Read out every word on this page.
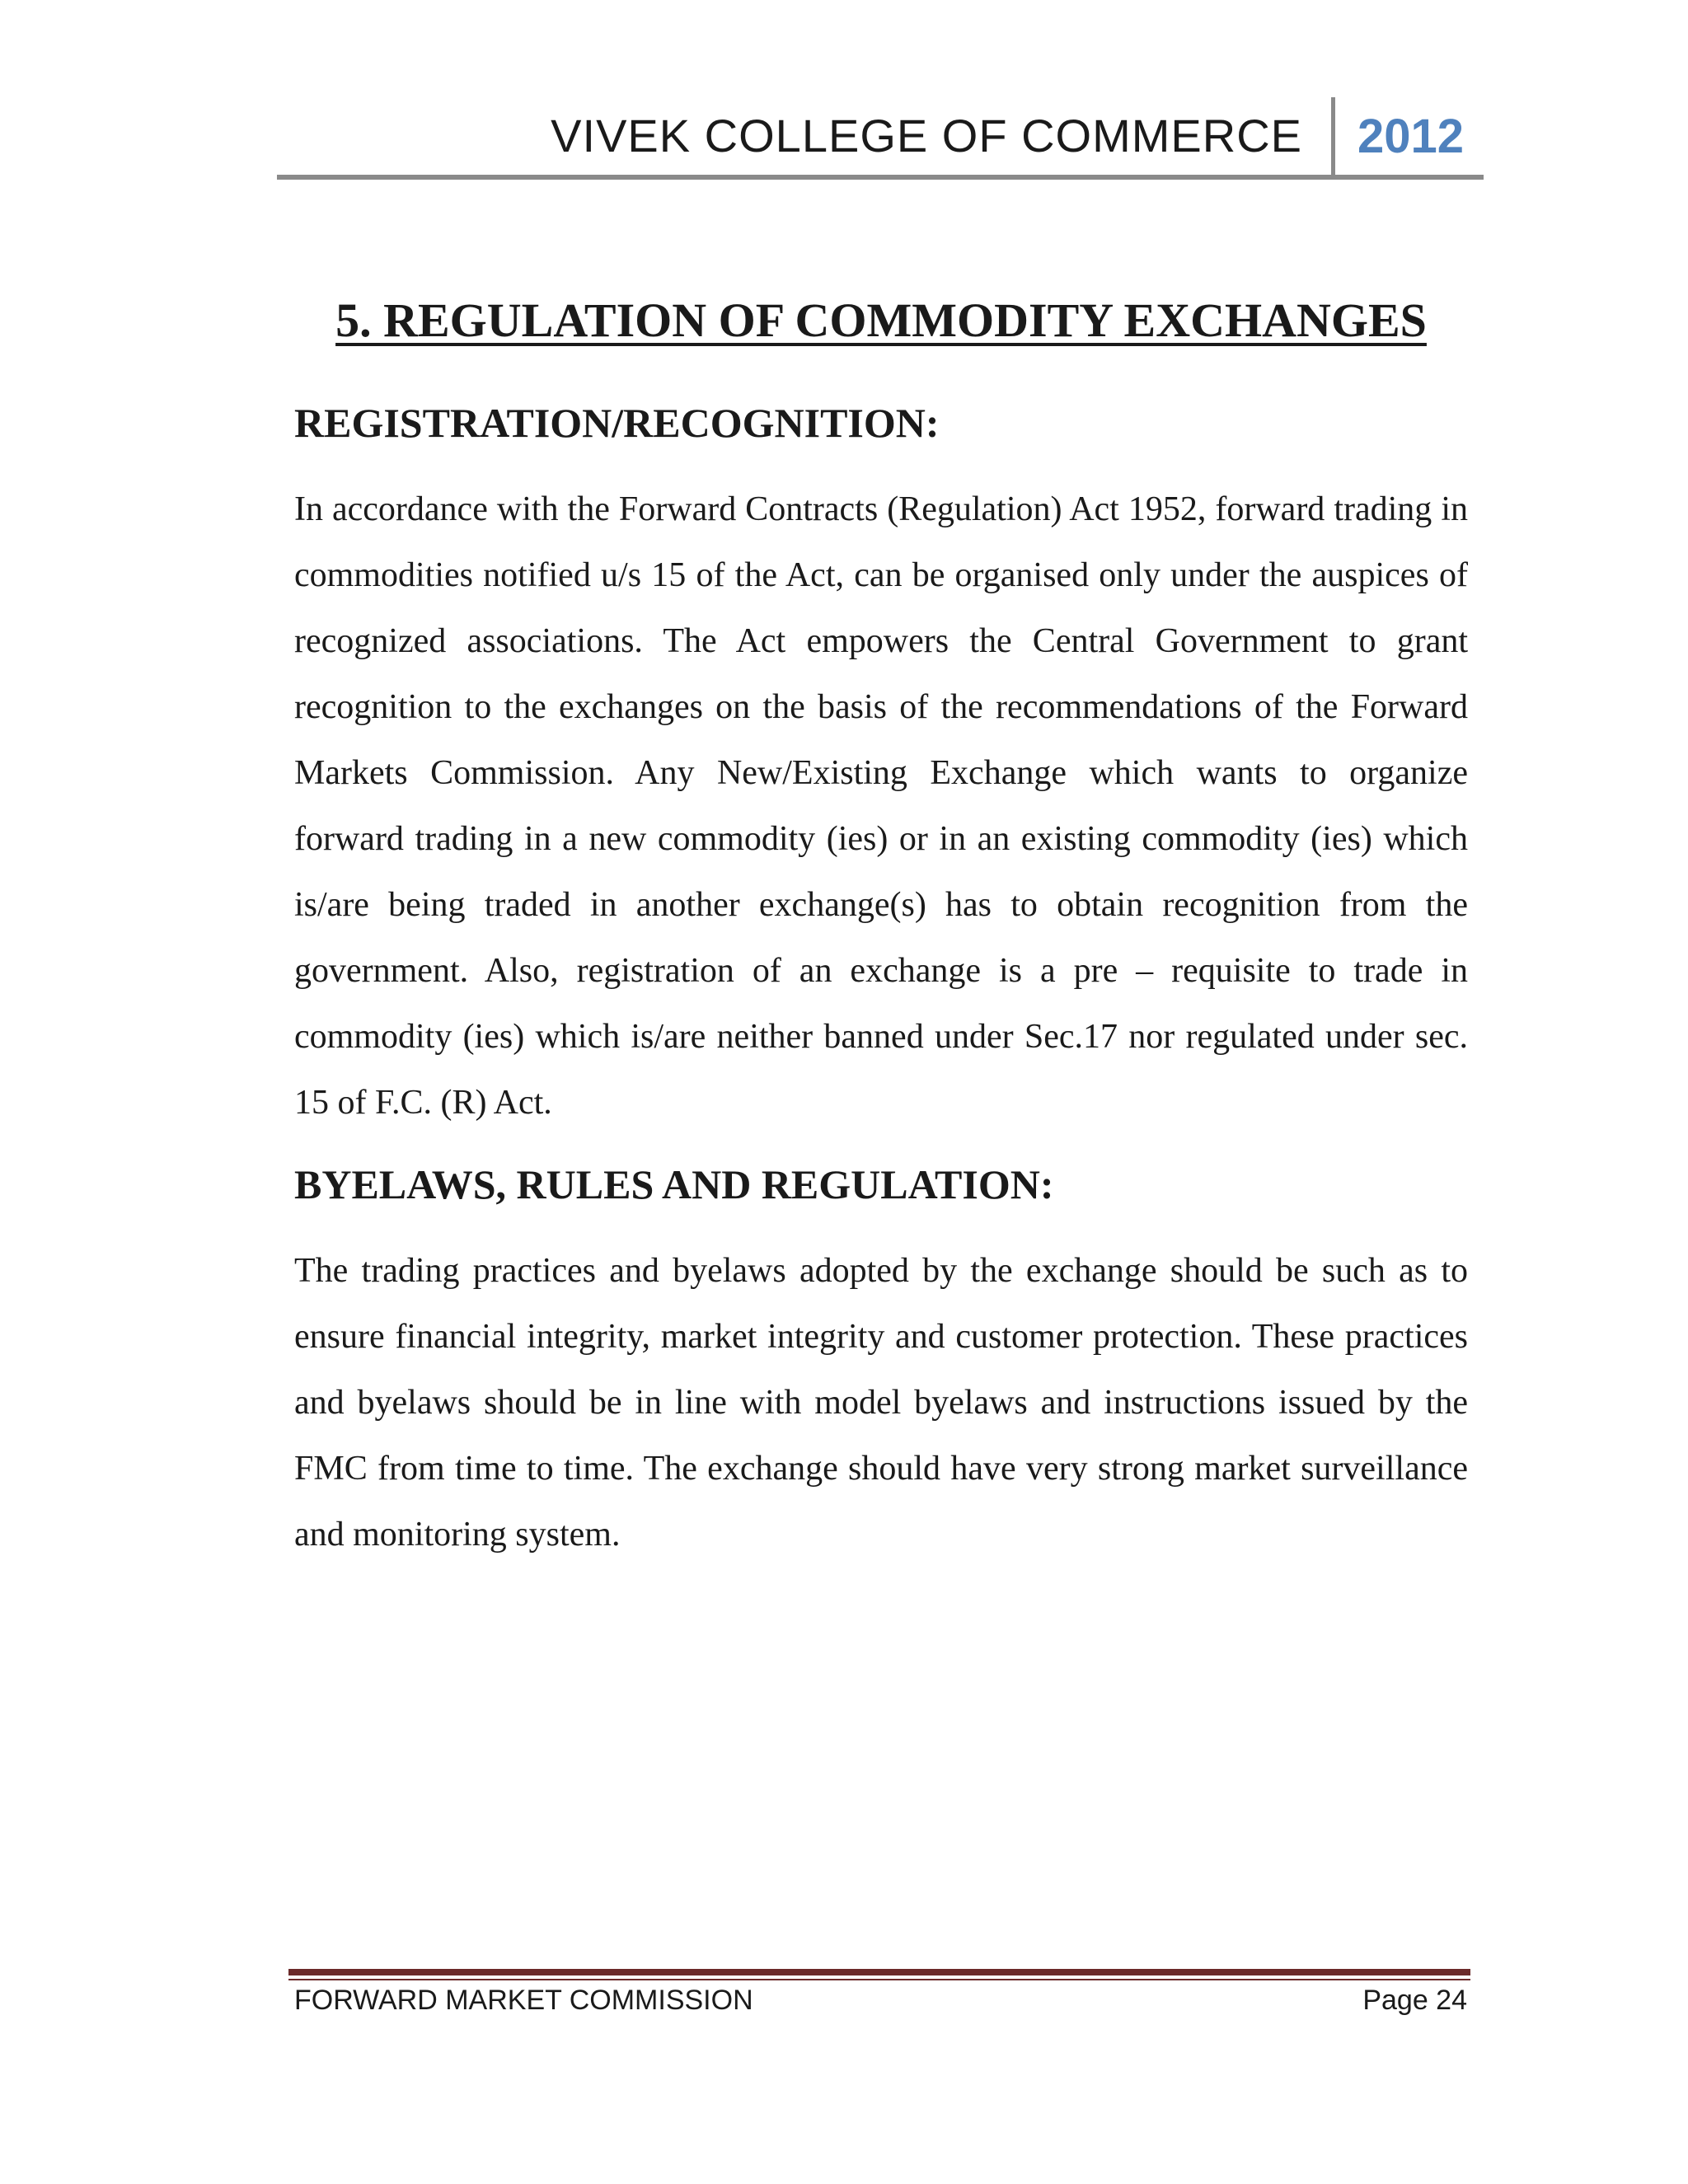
VIVEK COLLEGE OF COMMERCE 2012
5. REGULATION OF COMMODITY EXCHANGES
REGISTRATION/RECOGNITION:

In accordance with the Forward Contracts (Regulation) Act 1952, forward trading in commodities notified u/s 15 of the Act, can be organised only under the auspices of recognized associations. The Act empowers the Central Government to grant recognition to the exchanges on the basis of the recommendations of the Forward Markets Commission. Any New/Existing Exchange which wants to organize forward trading in a new commodity (ies) or in an existing commodity (ies) which is/are being traded in another exchange(s) has to obtain recognition from the government. Also, registration of an exchange is a pre – requisite to trade in commodity (ies) which is/are neither banned under Sec.17 nor regulated under sec. 15 of F.C. (R) Act.

BYELAWS, RULES AND REGULATION:

The trading practices and byelaws adopted by the exchange should be such as to ensure financial integrity, market integrity and customer protection. These practices and byelaws should be in line with model byelaws and instructions issued by the FMC from time to time. The exchange should have very strong market surveillance and monitoring system.

FORWARD MARKET COMMISSION	Page 24
